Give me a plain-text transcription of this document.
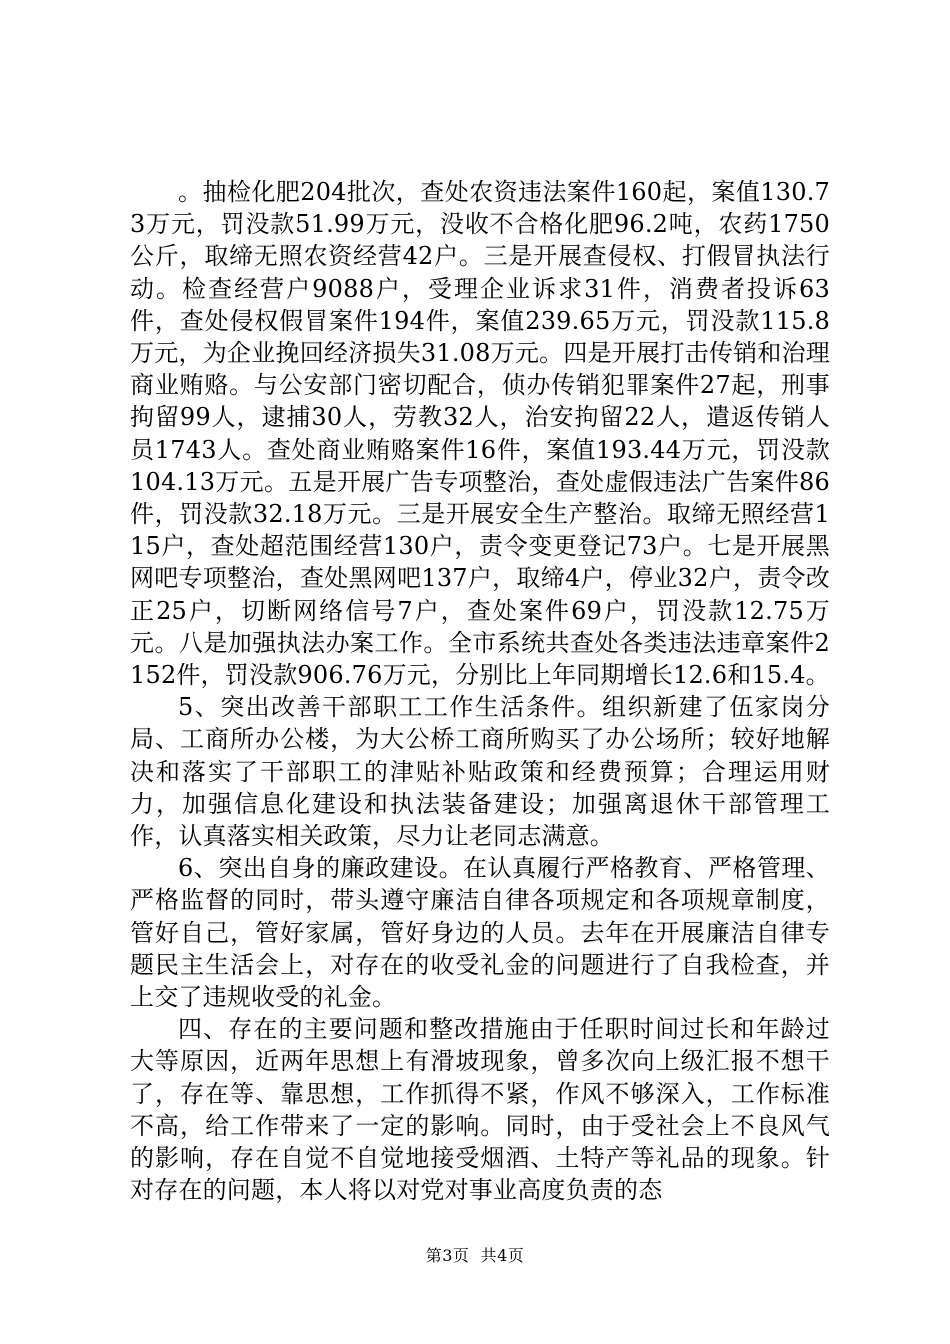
。抽检化肥204批次，查处农资违法案件160起，案值130.73万元，罚没款51.99万元，没收不合格化肥96.2吨，农药1750公斤，取缔无照农资经营42户。三是开展查侵权、打假冒执法行动。检查经营户9088户，受理企业诉求31件，消费者投诉63件，查处侵权假冒案件194件，案值239.65万元，罚没款115.8万元，为企业挽回经济损失31.08万元。四是开展打击传销和治理商业贿赂。与公安部门密切配合，侦办传销犯罪案件27起，刑事拘留99人，逮捕30人，劳教32人，治安拘留22人，遣返传销人员1743人。查处商业贿赂案件16件，案值193.44万元，罚没款104.13万元。五是开展广告专项整治，查处虚假违法广告案件86件，罚没款32.18万元。三是开展安全生产整治。取缔无照经营115户，查处超范围经营130户，责令变更登记73户。七是开展黑网吧专项整治，查处黑网吧137户，取缔4户，停业32户，责令改正25户，切断网络信号7户，查处案件69户，罚没款12.75万元。八是加强执法办案工作。全市系统共查处各类违法违章案件2152件，罚没款906.76万元，分别比上年同期增长12.6和15.4。

5、突出改善干部职工工作生活条件。组织新建了伍家岗分局、工商所办公楼，为大公桥工商所购买了办公场所；较好地解决和落实了干部职工的津贴补贴政策和经费预算；合理运用财力，加强信息化建设和执法装备建设；加强离退休干部管理工作，认真落实相关政策，尽力让老同志满意。

6、突出自身的廉政建设。在认真履行严格教育、严格管理、严格监督的同时，带头遵守廉洁自律各项规定和各项规章制度，管好自己，管好家属，管好身边的人员。去年在开展廉洁自律专题民主生活会上，对存在的收受礼金的问题进行了自我检查，并上交了违规收受的礼金。

四、存在的主要问题和整改措施由于任职时间过长和年龄过大等原因，近两年思想上有滑坡现象，曾多次向上级汇报不想干了，存在等、靠思想，工作抓得不紧，作风不够深入，工作标准不高，给工作带来了一定的影响。同时，由于受社会上不良风气的影响，存在自觉不自觉地接受烟酒、土特产等礼品的现象。针对存在的问题，本人将以对党对事业高度负责的态

第3页 共4页
